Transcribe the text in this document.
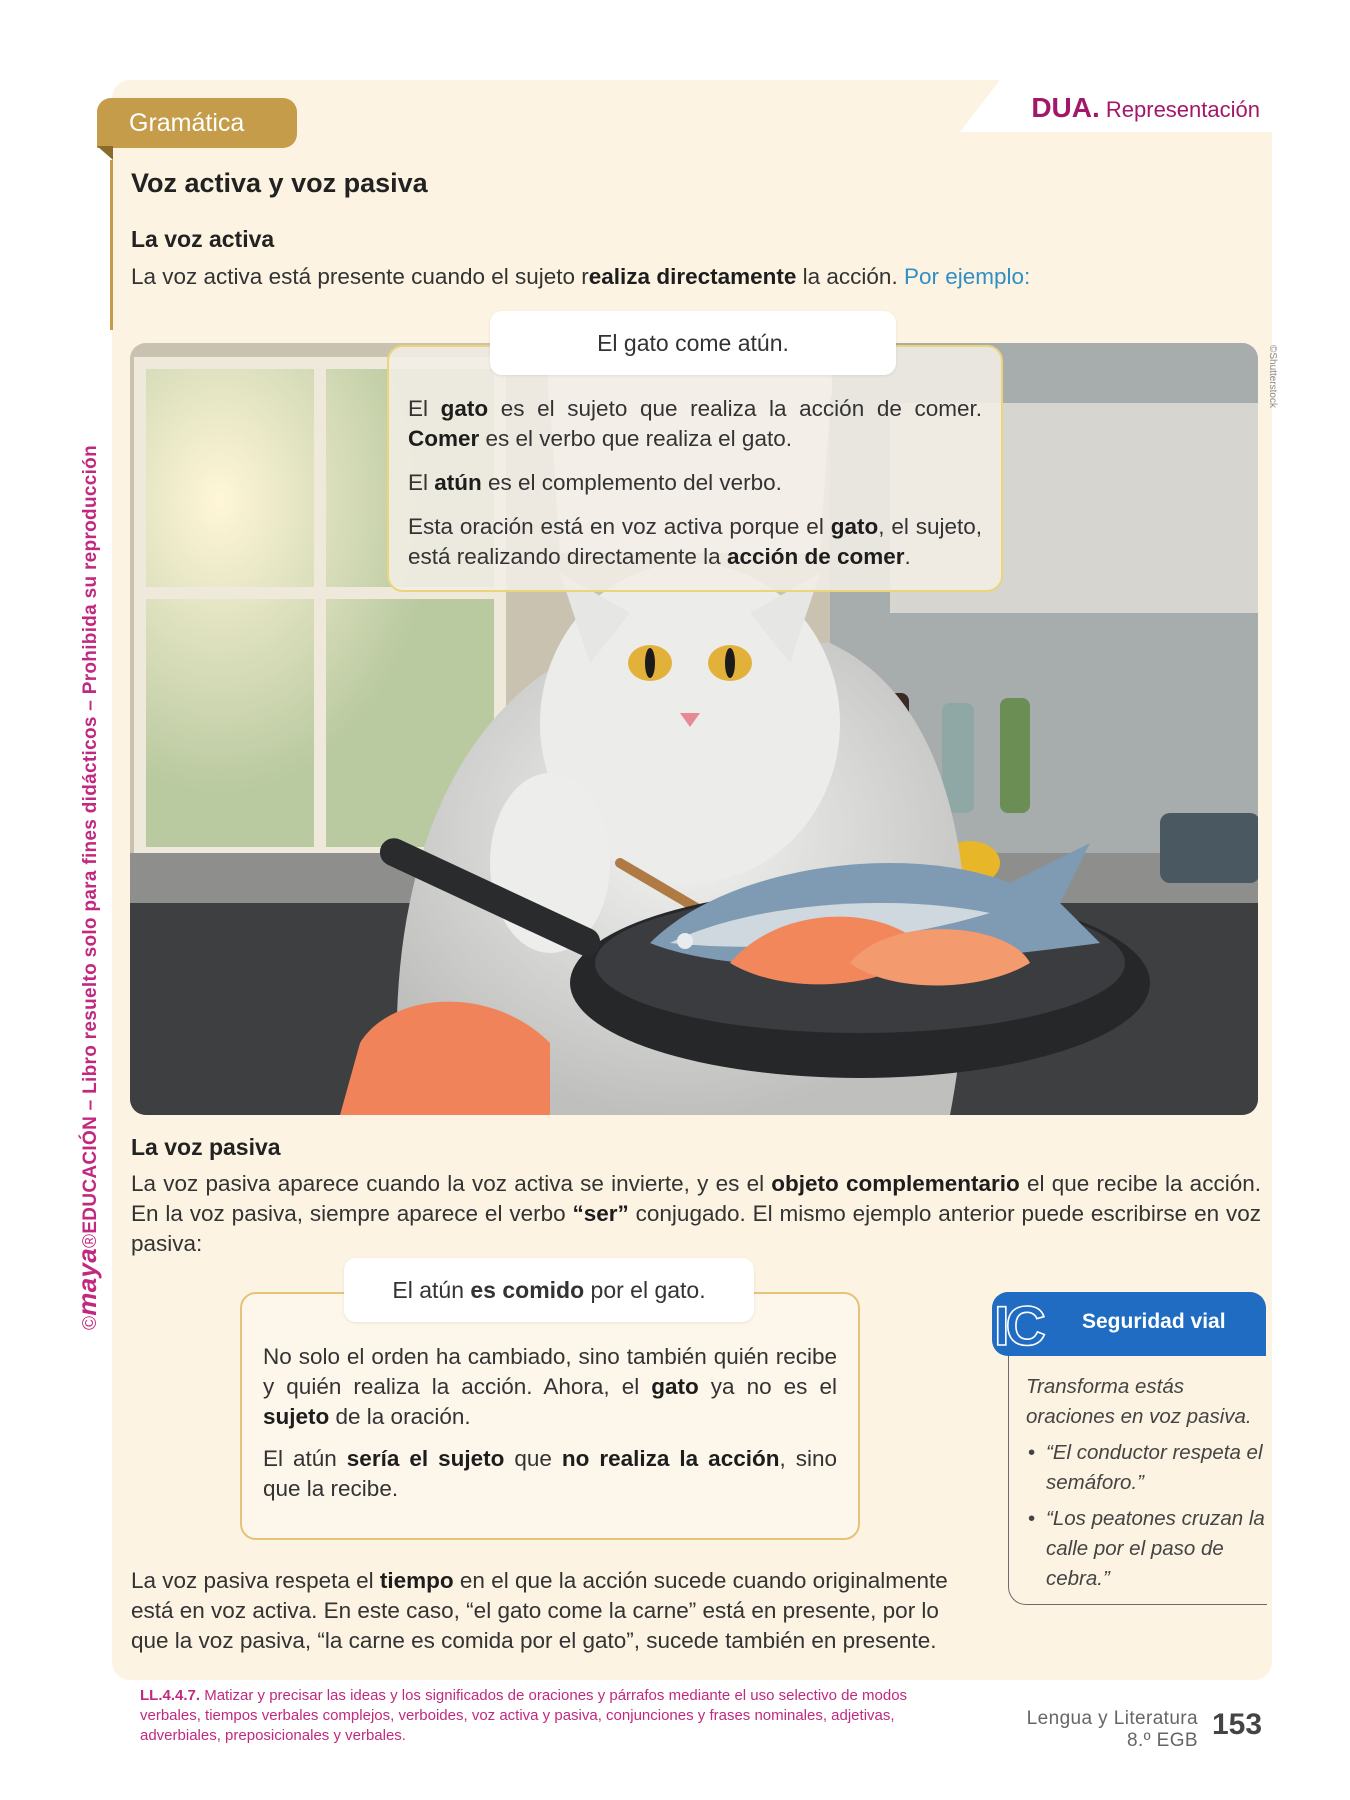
DUA. Representación
Gramática
©maya®EDUCACIÓN – Libro resuelto solo para fines didácticos – Prohibida su reproducción
Voz activa y voz pasiva
La voz activa
La voz activa está presente cuando el sujeto realiza directamente la acción. Por ejemplo:
©Shutterstock
El gato come atún.
El gato es el sujeto que realiza la acción de comer. Comer es el verbo que realiza el gato.
El atún es el complemento del verbo.
Esta oración está en voz activa porque el gato, el sujeto, está realizando directamente la acción de comer.
La voz pasiva
La voz pasiva aparece cuando la voz activa se invierte, y es el objeto complementario el que recibe la acción. En la voz pasiva, siempre aparece el verbo “ser” conjugado. El mismo ejemplo anterior puede escribirse en voz pasiva:
El atún es comido por el gato.
No solo el orden ha cambiado, sino también quién recibe y quién realiza la acción. Ahora, el gato ya no es el sujeto de la oración.
El atún sería el sujeto que no realiza la acción, sino que la recibe.
La voz pasiva respeta el tiempo en el que la acción sucede cuando originalmente está en voz activa. En este caso, “el gato come la carne” está en presente, por lo que la voz pasiva, “la carne es comida por el gato”, sucede también en presente.
IC Seguridad vial
Transforma estás oraciones en voz pasiva.
• “El conductor respeta el semáforo.”
• “Los peatones cruzan la calle por el paso de cebra.”
LL.4.4.7. Matizar y precisar las ideas y los significados de oraciones y párrafos mediante el uso selectivo de modos verbales, tiempos verbales complejos, verboides, voz activa y pasiva, conjunciones y frases nominales, adjetivas, adverbiales, preposicionales y verbales.
Lengua y Literatura
8.º EGB 153
